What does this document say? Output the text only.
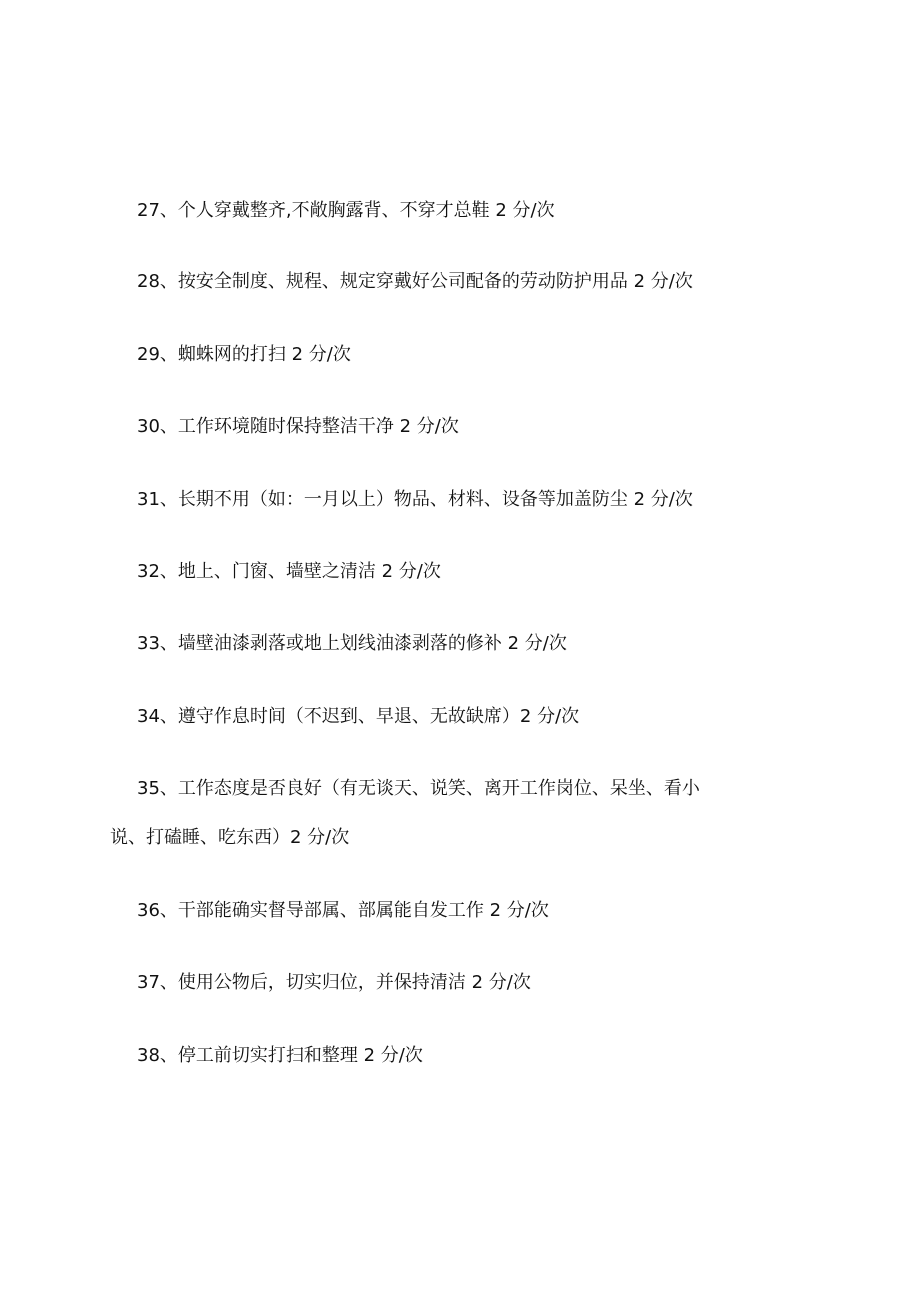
27、个人穿戴整齐,不敞胸露背、不穿才总鞋 2 分/次
28、按安全制度、规程、规定穿戴好公司配备的劳动防护用品 2 分/次
29、蜘蛛网的打扫 2 分/次
30、工作环境随时保持整洁干净 2 分/次
31、长期不用（如：一月以上）物品、材料、设备等加盖防尘 2 分/次
32、地上、门窗、墙壁之清洁 2 分/次
33、墙壁油漆剥落或地上划线油漆剥落的修补 2 分/次
34、遵守作息时间（不迟到、早退、无故缺席）2 分/次
35、工作态度是否良好（有无谈天、说笑、离开工作岗位、呆坐、看小
说、打磕睡、吃东西）2 分/次
36、干部能确实督导部属、部属能自发工作 2 分/次
37、使用公物后，切实归位，并保持清洁 2 分/次
38、停工前切实打扫和整理 2 分/次
